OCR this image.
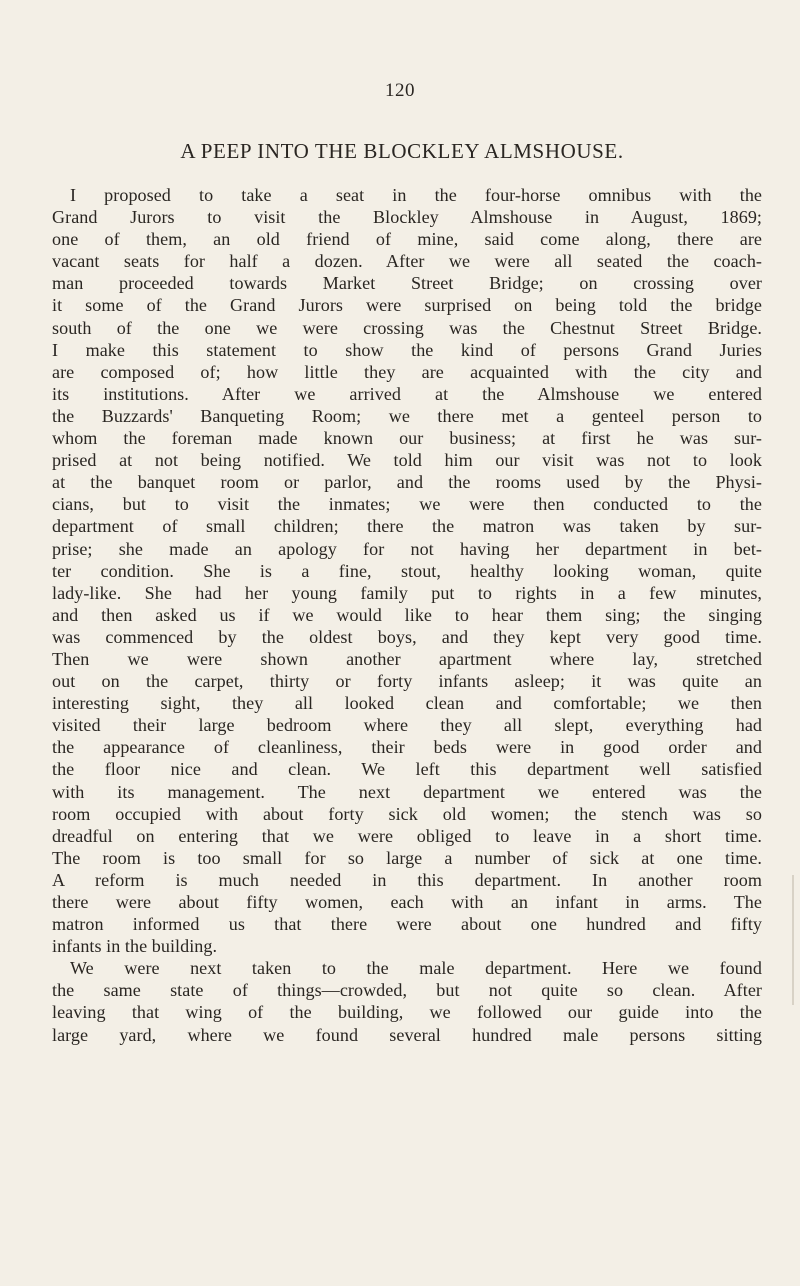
120
A PEEP INTO THE BLOCKLEY ALMSHOUSE.
I proposed to take a seat in the four-horse omnibus with the
Grand Jurors to visit the Blockley Almshouse in August, 1869;
one of them, an old friend of mine, said come along, there are
vacant seats for half a dozen. After we were all seated the coach-
man proceeded towards Market Street Bridge; on crossing over
it some of the Grand Jurors were surprised on being told the bridge
south of the one we were crossing was the Chestnut Street Bridge.
I make this statement to show the kind of persons Grand Juries
are composed of; how little they are acquainted with the city and
its institutions. After we arrived at the Almshouse we entered
the Buzzards' Banqueting Room; we there met a genteel person to
whom the foreman made known our business; at first he was sur-
prised at not being notified. We told him our visit was not to look
at the banquet room or parlor, and the rooms used by the Physi-
cians, but to visit the inmates; we were then conducted to the
department of small children; there the matron was taken by sur-
prise; she made an apology for not having her department in bet-
ter condition. She is a fine, stout, healthy looking woman, quite
lady-like. She had her young family put to rights in a few minutes,
and then asked us if we would like to hear them sing; the singing
was commenced by the oldest boys, and they kept very good time.
Then we were shown another apartment where lay, stretched
out on the carpet, thirty or forty infants asleep; it was quite an
interesting sight, they all looked clean and comfortable; we then
visited their large bedroom where they all slept, everything had
the appearance of cleanliness, their beds were in good order and
the floor nice and clean. We left this department well satisfied
with its management. The next department we entered was the
room occupied with about forty sick old women; the stench was so
dreadful on entering that we were obliged to leave in a short time.
The room is too small for so large a number of sick at one time.
A reform is much needed in this department. In another room
there were about fifty women, each with an infant in arms. The
matron informed us that there were about one hundred and fifty
infants in the building.
We were next taken to the male department. Here we found
the same state of things—crowded, but not quite so clean. After
leaving that wing of the building, we followed our guide into the
large yard, where we found several hundred male persons sitting
